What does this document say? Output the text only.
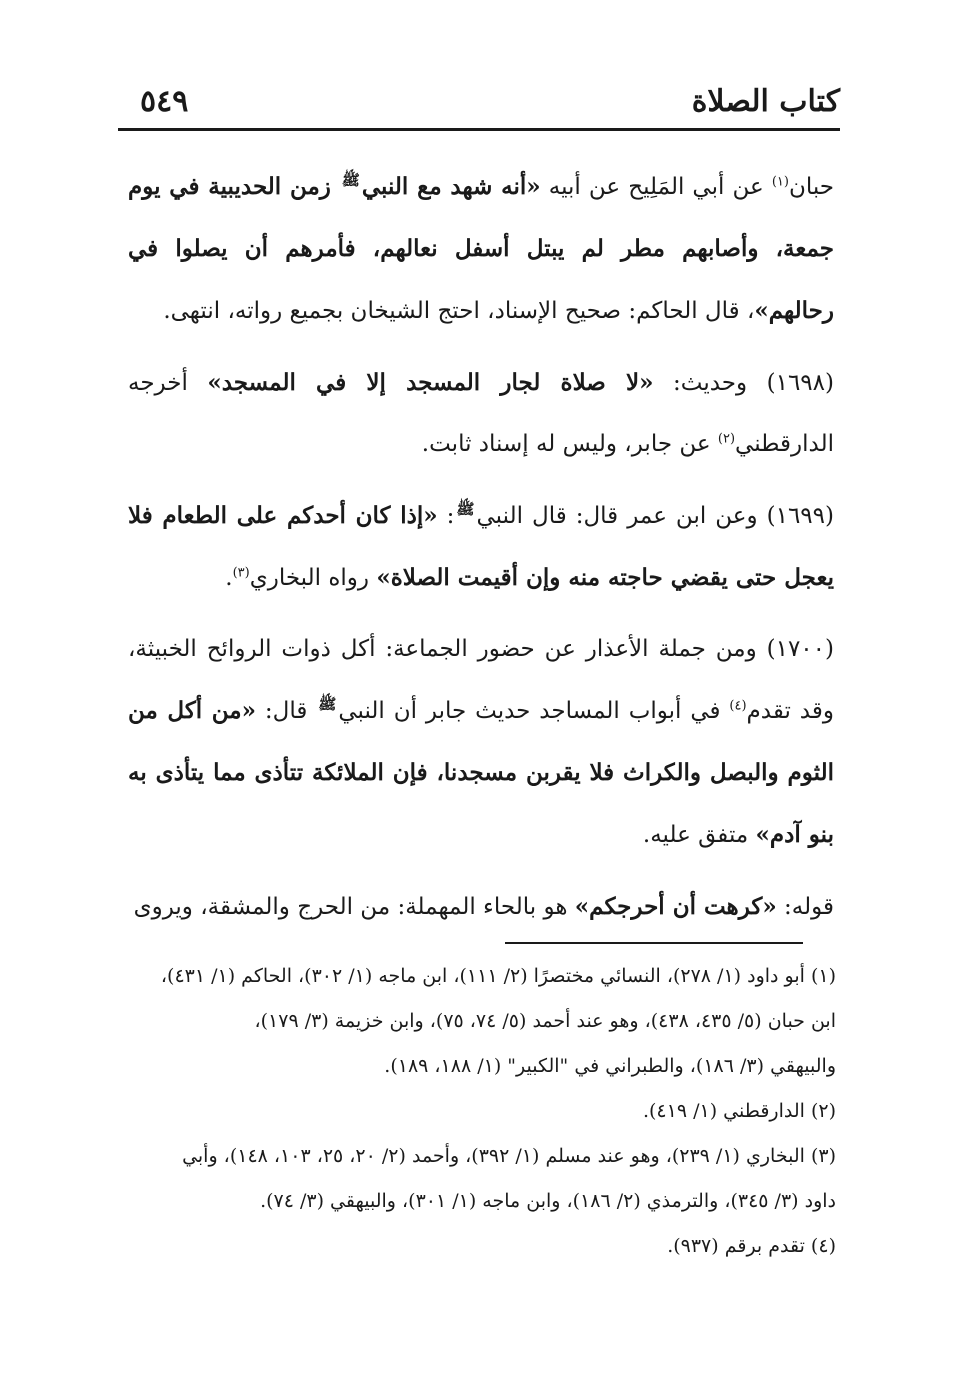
كتاب الصلاة
٥٤٩

حبان$^{(١)}$ عن أبي المَلِيح عن أبيه «أنه شهد مع النبيﷺ زمن الحديبية في يوم جمعة، وأصابهم مطر لم يبتل أسفل نعالهم، فأمرهم أن يصلوا في رحالهم»، قال الحاكم: صحيح الإسناد، احتج الشيخان بجميع رواته، انتهى.

(١٦٩٨) وحديث: «لا صلاة لجار المسجد إلا في المسجد» أخرجه الدارقطني$^{(٢)}$ عن جابر، وليس له إسناد ثابت.

(١٦٩٩) وعن ابن عمر قال: قال النبيﷺ: «إذا كان أحدكم على الطعام فلا يعجل حتى يقضي حاجته منه وإن أقيمت الصلاة» رواه البخاري$^{(٣)}$.

(١٧٠٠) ومن جملة الأعذار عن حضور الجماعة: أكل ذوات الروائح الخبيثة، وقد تقدم$^{(٤)}$ في أبواب المساجد حديث جابر أن النبيﷺ قال: «من أكل من الثوم والبصل والكراث فلا يقربن مسجدنا، فإن الملائكة تتأذى مما يتأذى به بنو آدم» متفق عليه.

قوله: «كرهت أن أحرجكم» هو بالحاء المهملة: من الحرج والمشقة، ويروى

(١) أبو داود (١/ ٢٧٨)، النسائي مختصرًا (٢/ ١١١)، ابن ماجه (١/ ٣٠٢)، الحاكم (١/ ٤٣١)،

ابن حبان (٥/ ٤٣٥، ٤٣٨)، وهو عند أحمد (٥/ ٧٤، ٧٥)، وابن خزيمة (٣/ ١٧٩)،

والبيهقي (٣/ ١٨٦)، والطبراني في "الكبير" (١/ ١٨٨، ١٨٩).

(٢) الدارقطني (١/ ٤١٩).

(٣) البخاري (١/ ٢٣٩)، وهو عند مسلم (١/ ٣٩٢)، وأحمد (٢/ ٢٠، ٢٥، ١٠٣، ١٤٨)، وأبي

داود (٣/ ٣٤٥)، والترمذي (٢/ ١٨٦)، وابن ماجه (١/ ٣٠١)، والبيهقي (٣/ ٧٤).

(٤) تقدم برقم (٩٣٧).
